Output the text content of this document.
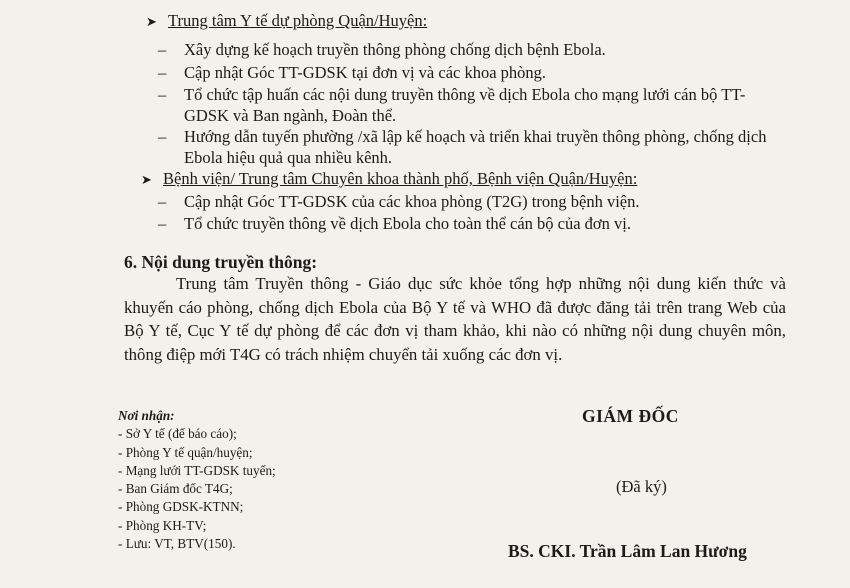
➤ Trung tâm Y tế dự phòng Quận/Huyện:
– Xây dựng kế hoạch truyền thông phòng chống dịch bệnh Ebola.
– Cập nhật Góc TT-GDSK tại đơn vị và các khoa phòng.
– Tổ chức tập huấn các nội dung truyền thông về dịch Ebola cho mạng lưới cán bộ TT-GDSK và Ban ngành, Đoàn thể.
– Hướng dẫn tuyến phường /xã lập kế hoạch và triển khai truyền thông phòng, chống dịch Ebola hiệu quả qua nhiều kênh.
➤ Bệnh viện/ Trung tâm Chuyên khoa thành phố, Bệnh viện Quận/Huyện:
– Cập nhật Góc TT-GDSK của các khoa phòng (T2G) trong bệnh viện.
– Tổ chức truyền thông về dịch Ebola cho toàn thể cán bộ của đơn vị.
6. Nội dung truyền thông:
Trung tâm Truyền thông - Giáo dục sức khỏe tổng hợp những nội dung kiến thức và khuyến cáo phòng, chống dịch Ebola của Bộ Y tế và WHO đã được đăng tải trên trang Web của Bộ Y tế, Cục Y tế dự phòng để các đơn vị tham khảo, khi nào có những nội dung chuyên môn, thông điệp mới T4G có trách nhiệm chuyển tải xuống các đơn vị.
Nơi nhận:
- Sở Y tế (để báo cáo);
- Phòng Y tế quận/huyện;
- Mạng lưới TT-GDSK tuyến;
- Ban Giám đốc T4G;
- Phòng GDSK-KTNN;
- Phòng KH-TV;
- Lưu: VT, BTV(150).
GIÁM ĐỐC
(Đã ký)
BS. CKI. Trần Lâm Lan Hương
